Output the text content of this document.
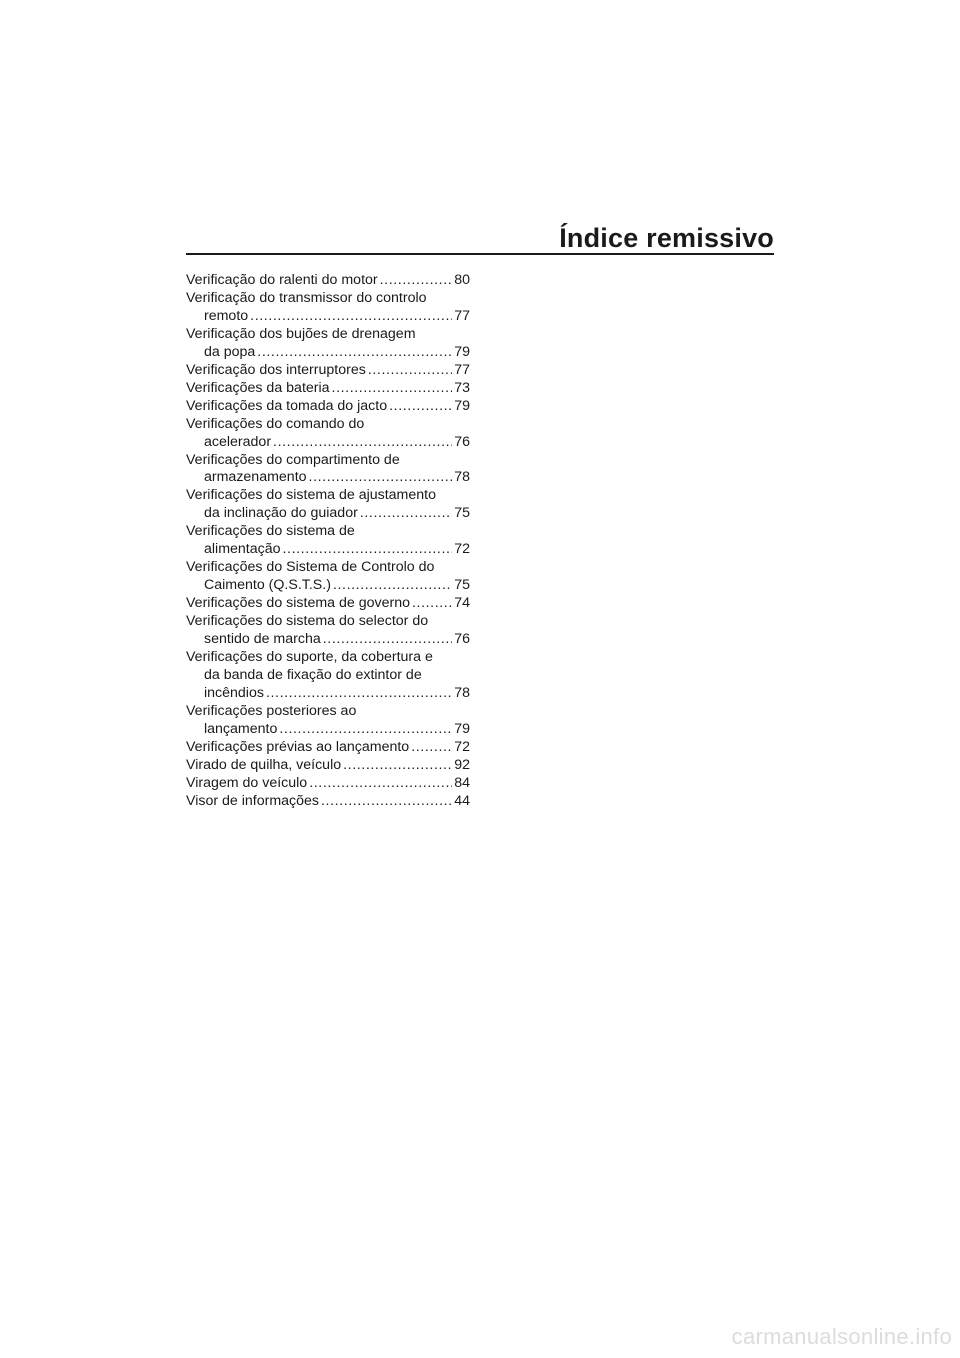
Índice remissivo
Verificação do ralenti do motor .....	80
Verificação do transmissor do controlo
remoto .....	77
Verificação dos bujões de drenagem
da popa .....	79
Verificação dos interruptores .....	77
Verificações da bateria .....	73
Verificações da tomada do jacto .....	79
Verificações do comando do
acelerador .....	76
Verificações do compartimento de
armazenamento .....	78
Verificações do sistema de ajustamento
da inclinação do guiador .....	75
Verificações do sistema de
alimentação .....	72
Verificações do Sistema de Controlo do
Caimento (Q.S.T.S.) .....	75
Verificações do sistema de governo .....	74
Verificações do sistema do selector do
sentido de marcha .....	76
Verificações do suporte, da cobertura e
da banda de fixação do extintor de
incêndios .....	78
Verificações posteriores ao
lançamento .....	79
Verificações prévias ao lançamento .....	72
Virado de quilha, veículo .....	92
Viragem do veículo .....	84
Visor de informações .....	44
carmanualsonline.info
